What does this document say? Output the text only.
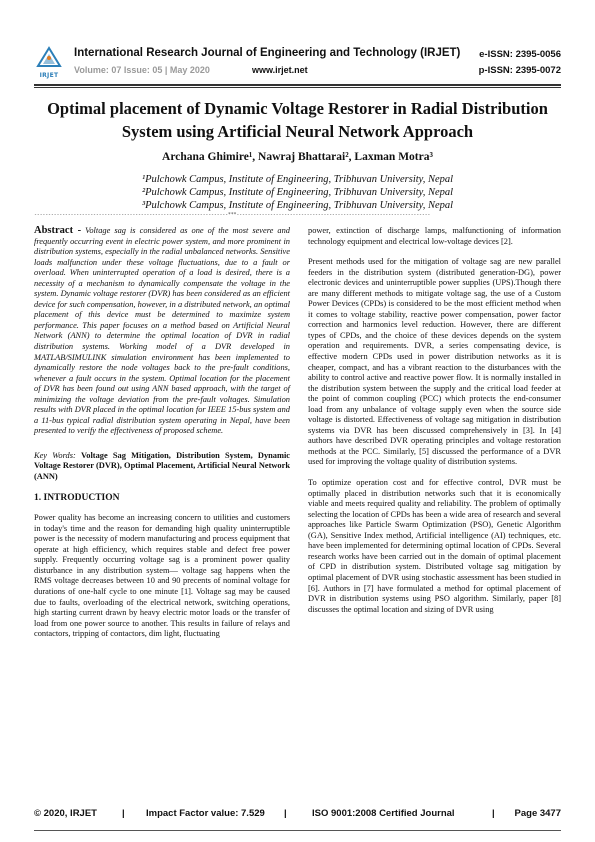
IRJET
International Research Journal of Engineering and Technology (IRJET)
Volume: 07 Issue: 05 | May 2020	www.irjet.net
e-ISSN: 2395-0056
p-ISSN: 2395-0072
Optimal placement of Dynamic Voltage Restorer in Radial Distribution
System using Artificial Neural Network Approach
Archana Ghimire¹, Nawraj Bhattarai², Laxman Motra³
¹Pulchowk Campus, Institute of Engineering, Tribhuvan University, Nepal
²Pulchowk Campus, Institute of Engineering, Tribhuvan University, Nepal
³Pulchowk Campus, Institute of Engineering, Tribhuvan University, Nepal
---------------------------------------------------------------------***---------------------------------------------------------------------

Abstract - Voltage sag is considered as one of the most severe and frequently occurring event in electric power system, and more prominent in distribution systems, especially in the radial unbalanced networks. Sensitive loads malfunction under these voltage fluctuations, due to a fault or overload. When uninterrupted operation of a load is desired, there is a necessity of a mechanism to dynamically compensate the voltage in the system. Dynamic voltage restorer (DVR) has been considered as an efficient device for such compensation, however, in a distributed network, an optimal placement of this device must be determined to maximize system performance. This paper focuses on a method based on Artificial Neural Network (ANN) to determine the optimal location of DVR in radial distribution systems. Working model of a DVR developed in MATLAB/SIMULINK simulation environment has been implemented to dynamically restore the node voltages back to the pre-fault conditions, whenever a fault occurs in the system. Optimal location for the placement of DVR has been found out using ANN based approach, with the target of minimizing the voltage deviation from the pre-fault voltages. Simulation results with DVR placed in the optimal location for IEEE 15-bus system and a 11-bus typical radial distribution system operating in Nepal, have been presented to verify the effectiveness of proposed scheme.

Key Words: Voltage Sag Mitigation, Distribution System, Dynamic Voltage Restorer (DVR), Optimal Placement, Artificial Neural Network (ANN)

1. INTRODUCTION

Power quality has become an increasing concern to utilities and customers in today's time and the reason for demanding high quality uninterruptible power is the necessity of modern manufacturing and process equipment that operate at high efficiency, which requires stable and defect free power supply. Frequently occurring voltage sag is a prominent power quality disturbance in any distribution system— voltage sag happens when the RMS voltage decreases between 10 and 90 precents of nominal voltage for durations of one-half cycle to one minute [1]. Voltage sag may be caused due to faults, overloading of the electrical network, switching operations, high starting current drawn by heavy electric motor loads or the transfer of load from one power source to another. This results in failure of relays and contactors, tripping of contactors, dim light, fluctuating

power, extinction of discharge lamps, malfunctioning of information technology equipment and electrical low-voltage devices [2].

Present methods used for the mitigation of voltage sag are new parallel feeders in the distribution system (distributed generation-DG), power electronic devices and uninterruptible power supplies (UPS).Though there are many different methods to mitigate voltage sag, the use of a Custom Power Devices (CPDs) is considered to be the most efficient method when it comes to voltage stability, reactive power compensation, power factor correction and harmonics level reduction. However, there are different types of CPDs, and the choice of these devices depends on the system operation and requirements. DVR, a series compensating device, is effective modern CPDs used in power distribution networks as it is cheaper, compact, and has a vibrant reaction to the disturbances with the ability to control active and reactive power flow. It is normally installed in the distribution system between the supply and the critical load feeder at the point of common coupling (PCC) which protects the end-consumer load from any unbalance of voltage supply even when the source side voltage is distorted. Effectiveness of voltage sag mitigation in distribution systems via DVR has been discussed comprehensively in [3]. In [4] authors have described DVR operating principles and voltage restoration methods at the PCC. Similarly, [5] discussed the performance of a DVR used for improving the voltage quality of distribution systems.

To optimize operation cost and for effective control, DVR must be optimally placed in distribution networks such that it is economically viable and meets required quality and reliability. The problem of optimally selecting the location of CPDs has been a wide area of research and several approaches like Particle Swarm Optimization (PSO), Genetic Algorithm (GA), Sensitive Index method, Artificial intelligence (AI) techniques, etc. have been implemented for determining optimal location of CPDs. Several research works have been carried out in the domain of optimal placement of CPD in distribution system. Distributed voltage sag mitigation by optimal placement of DVR using stochastic assessment has been studied in [6]. Authors in [7] have formulated a method for optimal placement of DVR in distribution systems using PSO algorithm. Similarly, paper [8] discusses the optimal location and sizing of DVR using

© 2020, IRJET	| Impact Factor value: 7.529 |	ISO 9001:2008 Certified Journal	| Page 3477
